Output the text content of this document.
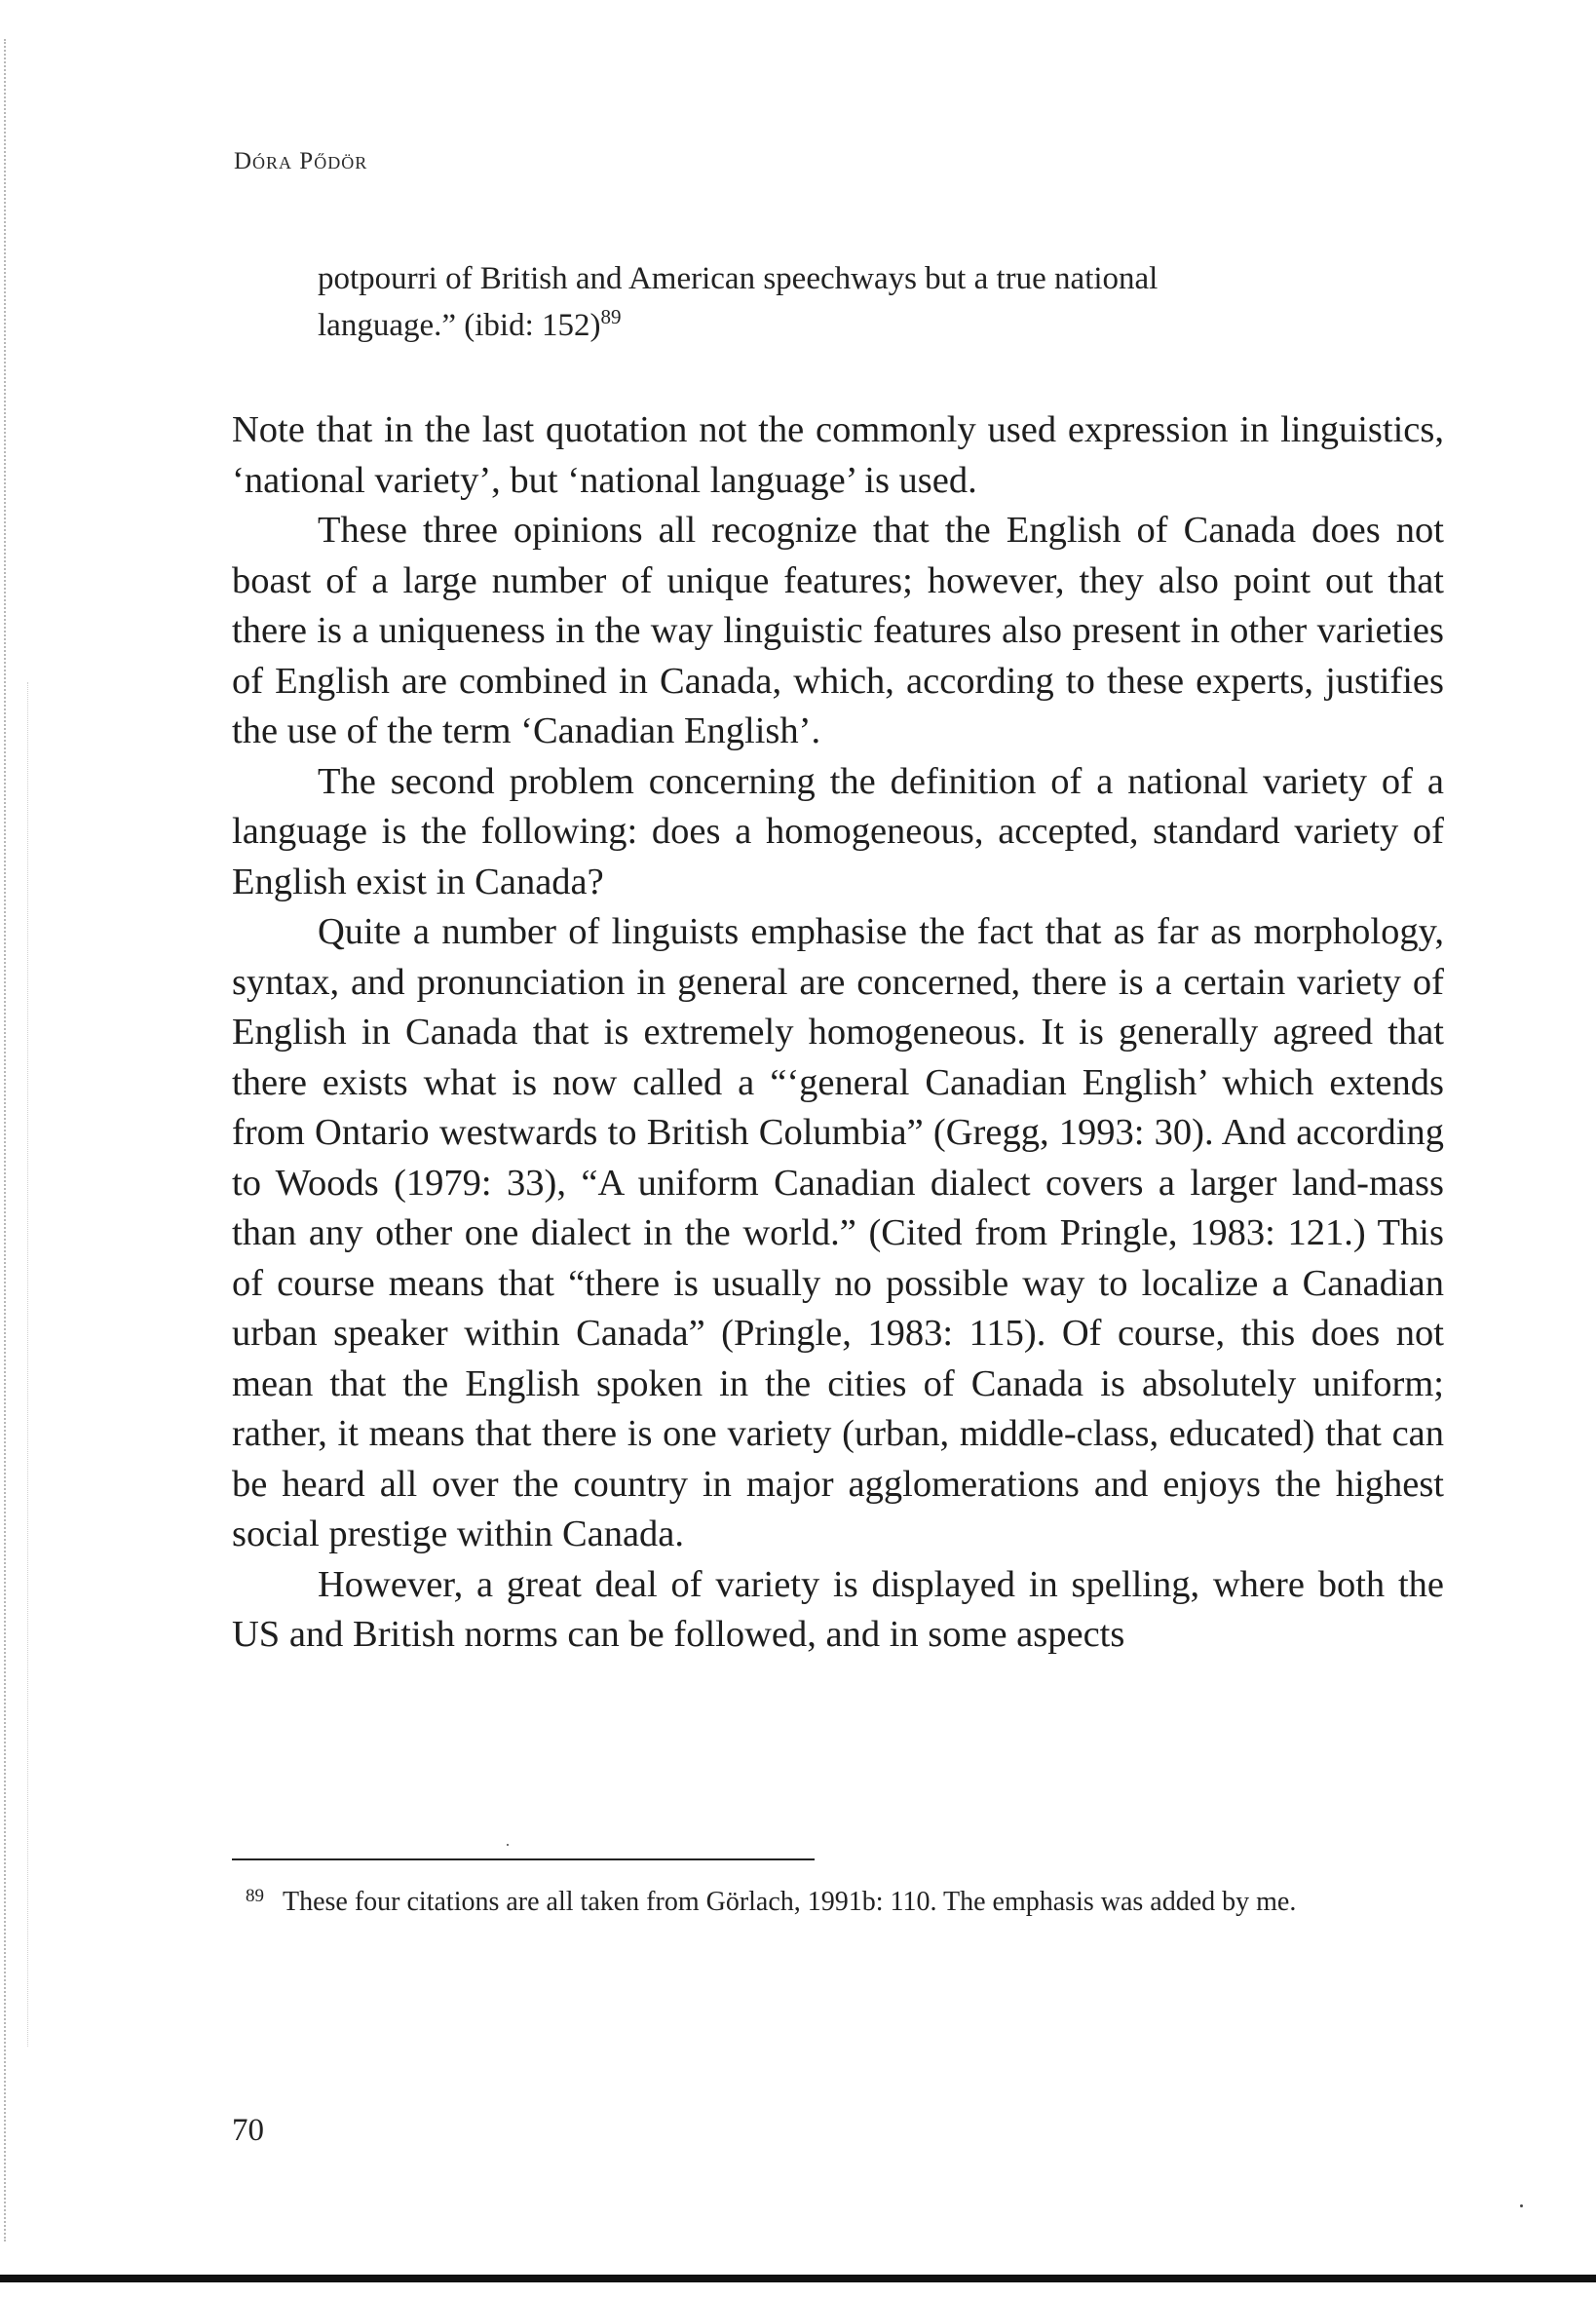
Dóra Pődör
potpourri of British and American speechways but a true national
language.” (ibid: 152)$^{89}$

Note that in the last quotation not the commonly used expression in linguistics, ‘national variety’, but ‘national language’ is used.

These three opinions all recognize that the English of Canada does not boast of a large number of unique features; however, they also point out that there is a uniqueness in the way linguistic features also present in other varieties of English are combined in Canada, which, according to these experts, justifies the use of the term ‘Canadian English’.

The second problem concerning the definition of a national variety of a language is the following: does a homogeneous, accepted, standard variety of English exist in Canada?

Quite a number of linguists emphasise the fact that as far as morphology, syntax, and pronunciation in general are concerned, there is a certain variety of English in Canada that is extremely homogeneous. It is generally agreed that there exists what is now called a “‘general Canadian English’ which extends from Ontario westwards to British Columbia” (Gregg, 1993: 30). And according to Woods (1979: 33), “A uniform Canadian dialect covers a larger land-mass than any other one dialect in the world.” (Cited from Pringle, 1983: 121.) This of course means that “there is usually no possible way to localize a Canadian urban speaker within Canada” (Pringle, 1983: 115). Of course, this does not mean that the English spoken in the cities of Canada is absolutely uniform; rather, it means that there is one variety (urban, middle-class, educated) that can be heard all over the country in major agglomerations and enjoys the highest social prestige within Canada.

However, a great deal of variety is displayed in spelling, where both the US and British norms can be followed, and in some aspects

89 These four citations are all taken from Görlach, 1991b: 110. The emphasis was added by me.
70
